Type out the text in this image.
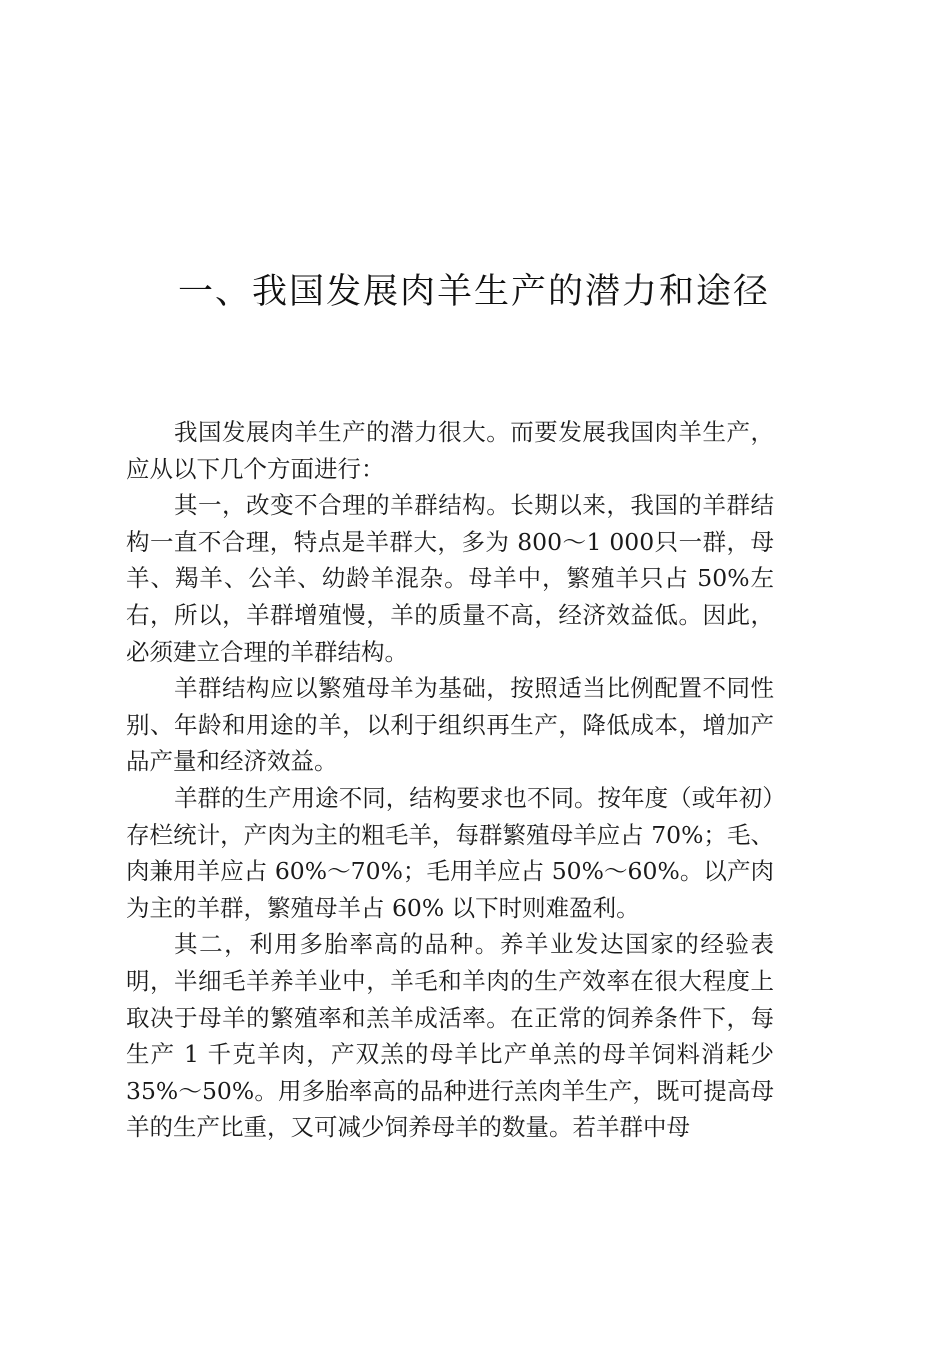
一、我国发展肉羊生产的潜力和途径

我国发展肉羊生产的潜力很大。而要发展我国肉羊生产，应从以下几个方面进行：

其一，改变不合理的羊群结构。长期以来，我国的羊群结构一直不合理，特点是羊群大，多为 800～1 000只一群，母羊、羯羊、公羊、幼龄羊混杂。母羊中，繁殖羊只占 50%左右，所以，羊群增殖慢，羊的质量不高，经济效益低。因此，必须建立合理的羊群结构。

羊群结构应以繁殖母羊为基础，按照适当比例配置不同性别、年龄和用途的羊，以利于组织再生产，降低成本，增加产品产量和经济效益。

羊群的生产用途不同，结构要求也不同。按年度（或年初）存栏统计，产肉为主的粗毛羊，每群繁殖母羊应占 70%；毛、肉兼用羊应占 60%～70%；毛用羊应占 50%～60%。以产肉为主的羊群，繁殖母羊占 60% 以下时则难盈利。

其二，利用多胎率高的品种。养羊业发达国家的经验表明，半细毛羊养羊业中，羊毛和羊肉的生产效率在很大程度上取决于母羊的繁殖率和羔羊成活率。在正常的饲养条件下，每生产 1 千克羊肉，产双羔的母羊比产单羔的母羊饲料消耗少 35%～50%。用多胎率高的品种进行羔肉羊生产，既可提高母羊的生产比重，又可减少饲养母羊的数量。若羊群中母
